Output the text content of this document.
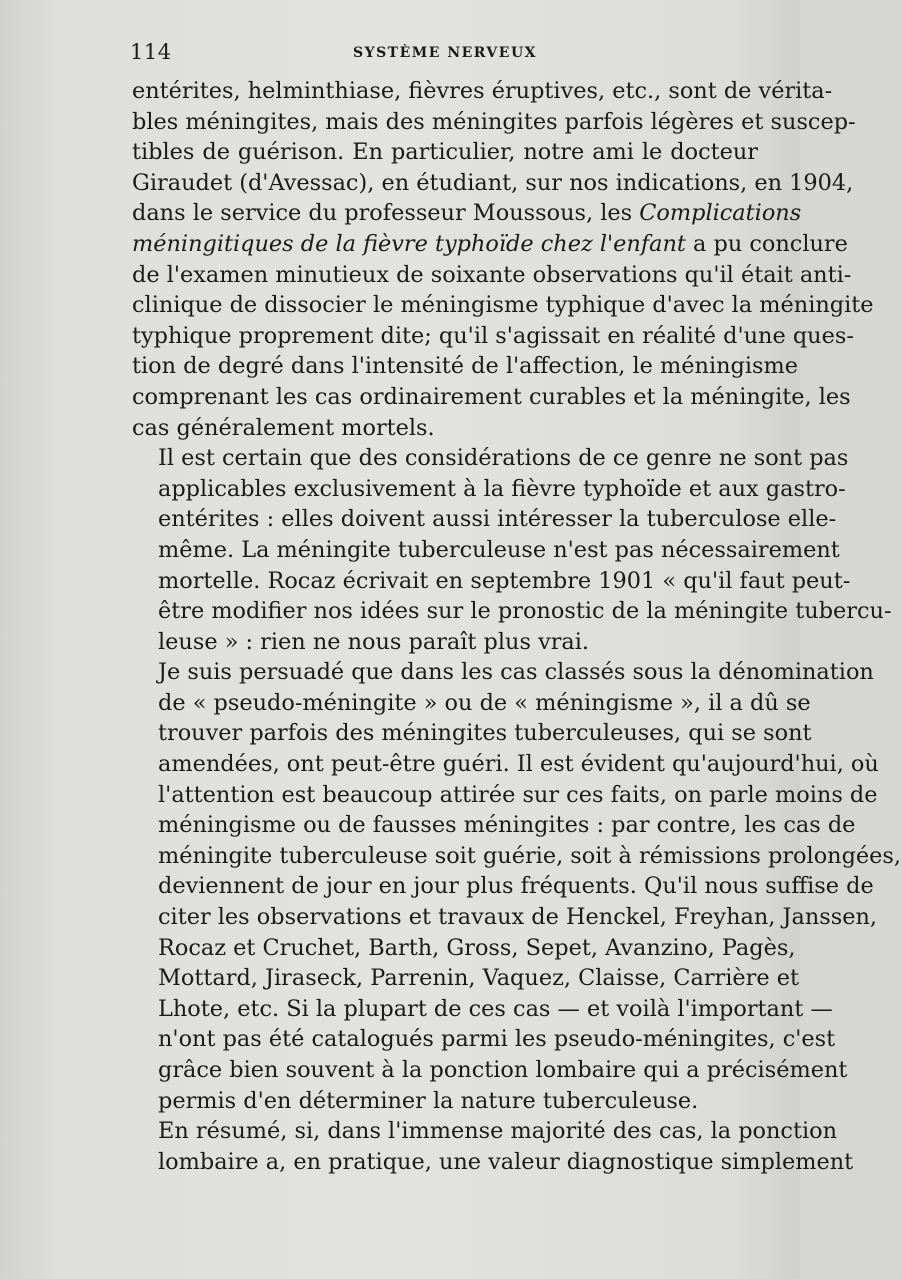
114	SYSTÈME NERVEUX

entérites, helminthiase, fièvres éruptives, etc., sont de vérita-
bles méningites, mais des méningites parfois légères et suscep-
tibles de guérison. En particulier, notre ami le docteur
Giraudet (d'Avessac), en étudiant, sur nos indications, en 1904,
dans le service du professeur Moussous, les Complications
méningitiques de la fièvre typhoïde chez l'enfant a pu conclure
de l'examen minutieux de soixante observations qu'il était anti-
clinique de dissocier le méningisme typhique d'avec la méningite
typhique proprement dite; qu'il s'agissait en réalité d'une ques-
tion de degré dans l'intensité de l'affection, le méningisme
comprenant les cas ordinairement curables et la méningite, les
cas généralement mortels.

Il est certain que des considérations de ce genre ne sont pas
applicables exclusivement à la fièvre typhoïde et aux gastro-
entérites : elles doivent aussi intéresser la tuberculose elle-
même. La méningite tuberculeuse n'est pas nécessairement
mortelle. Rocaz écrivait en septembre 1901 « qu'il faut peut-
être modifier nos idées sur le pronostic de la méningite tubercu-
leuse » : rien ne nous paraît plus vrai.

Je suis persuadé que dans les cas classés sous la dénomination
de « pseudo-méningite » ou de « méningisme », il a dû se
trouver parfois des méningites tuberculeuses, qui se sont
amendées, ont peut-être guéri. Il est évident qu'aujourd'hui, où
l'attention est beaucoup attirée sur ces faits, on parle moins de
méningisme ou de fausses méningites : par contre, les cas de
méningite tuberculeuse soit guérie, soit à rémissions prolongées,
deviennent de jour en jour plus fréquents. Qu'il nous suffise de
citer les observations et travaux de Henckel, Freyhan, Janssen,
Rocaz et Cruchet, Barth, Gross, Sepet, Avanzino, Pagès,
Mottard, Jiraseck, Parrenin, Vaquez, Claisse, Carrière et
Lhote, etc. Si la plupart de ces cas — et voilà l'important —
n'ont pas été catalogués parmi les pseudo-méningites, c'est
grâce bien souvent à la ponction lombaire qui a précisément
permis d'en déterminer la nature tuberculeuse.

En résumé, si, dans l'immense majorité des cas, la ponction
lombaire a, en pratique, une valeur diagnostique simplement
